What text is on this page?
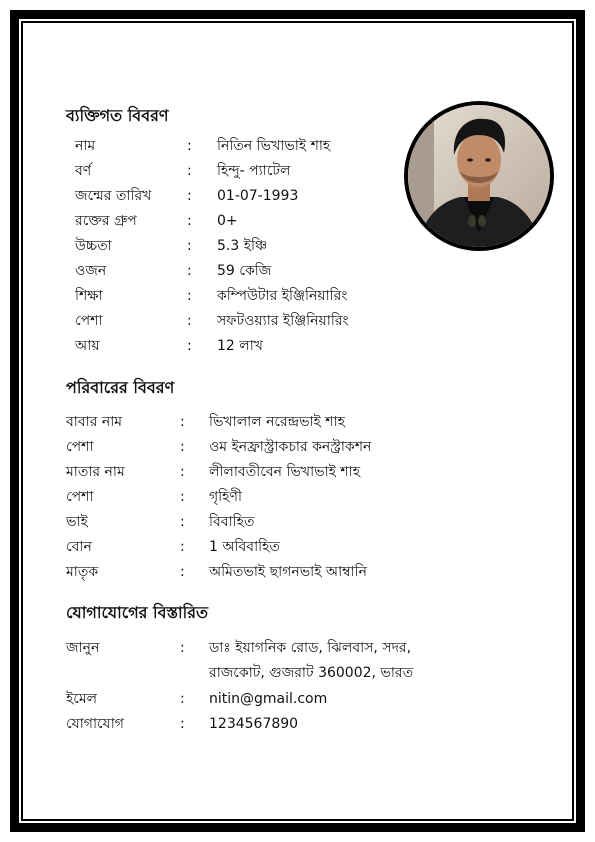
ব্যক্তিগত বিবরণ
নাম	: নিতিন ভিখাভাই শাহ
বর্ণ	: হিন্দু- প্যাটেল
জন্মের তারিখ	: 01-07-1993
রক্তের গ্রুপ	: 0+
উচ্চতা	: 5.3 ইঞ্চি
ওজন	: 59 কেজি
শিক্ষা	: কম্পিউটার ইঞ্জিনিয়ারিং
পেশা	: সফটওয়্যার ইঞ্জিনিয়ারিং
আয়	: 12 লাখ
পরিবারের বিবরণ
বাবার নাম	: ভিখালাল নরেন্দ্রভাই শাহ
পেশা	: ওম ইনফ্রাস্ট্রাকচার কনস্ট্রাকশন
মাতার নাম	: লীলাবতীবেন ভিখাভাই শাহ
পেশা	: গৃহিণী
ভাই	: বিবাহিত
বোন	: 1 অবিবাহিত
মাতৃক	: অমিতভাই ছাগনভাই আম্বানি
যোগাযোগের বিস্তারিত
জানুন	: ডাঃ ইয়াগনিক রোড, ঝিলবাস, সদর,
রাজকোট, গুজরাট 360002, ভারত
ইমেল	: nitin@gmail.com
যোগাযোগ	: 1234567890
